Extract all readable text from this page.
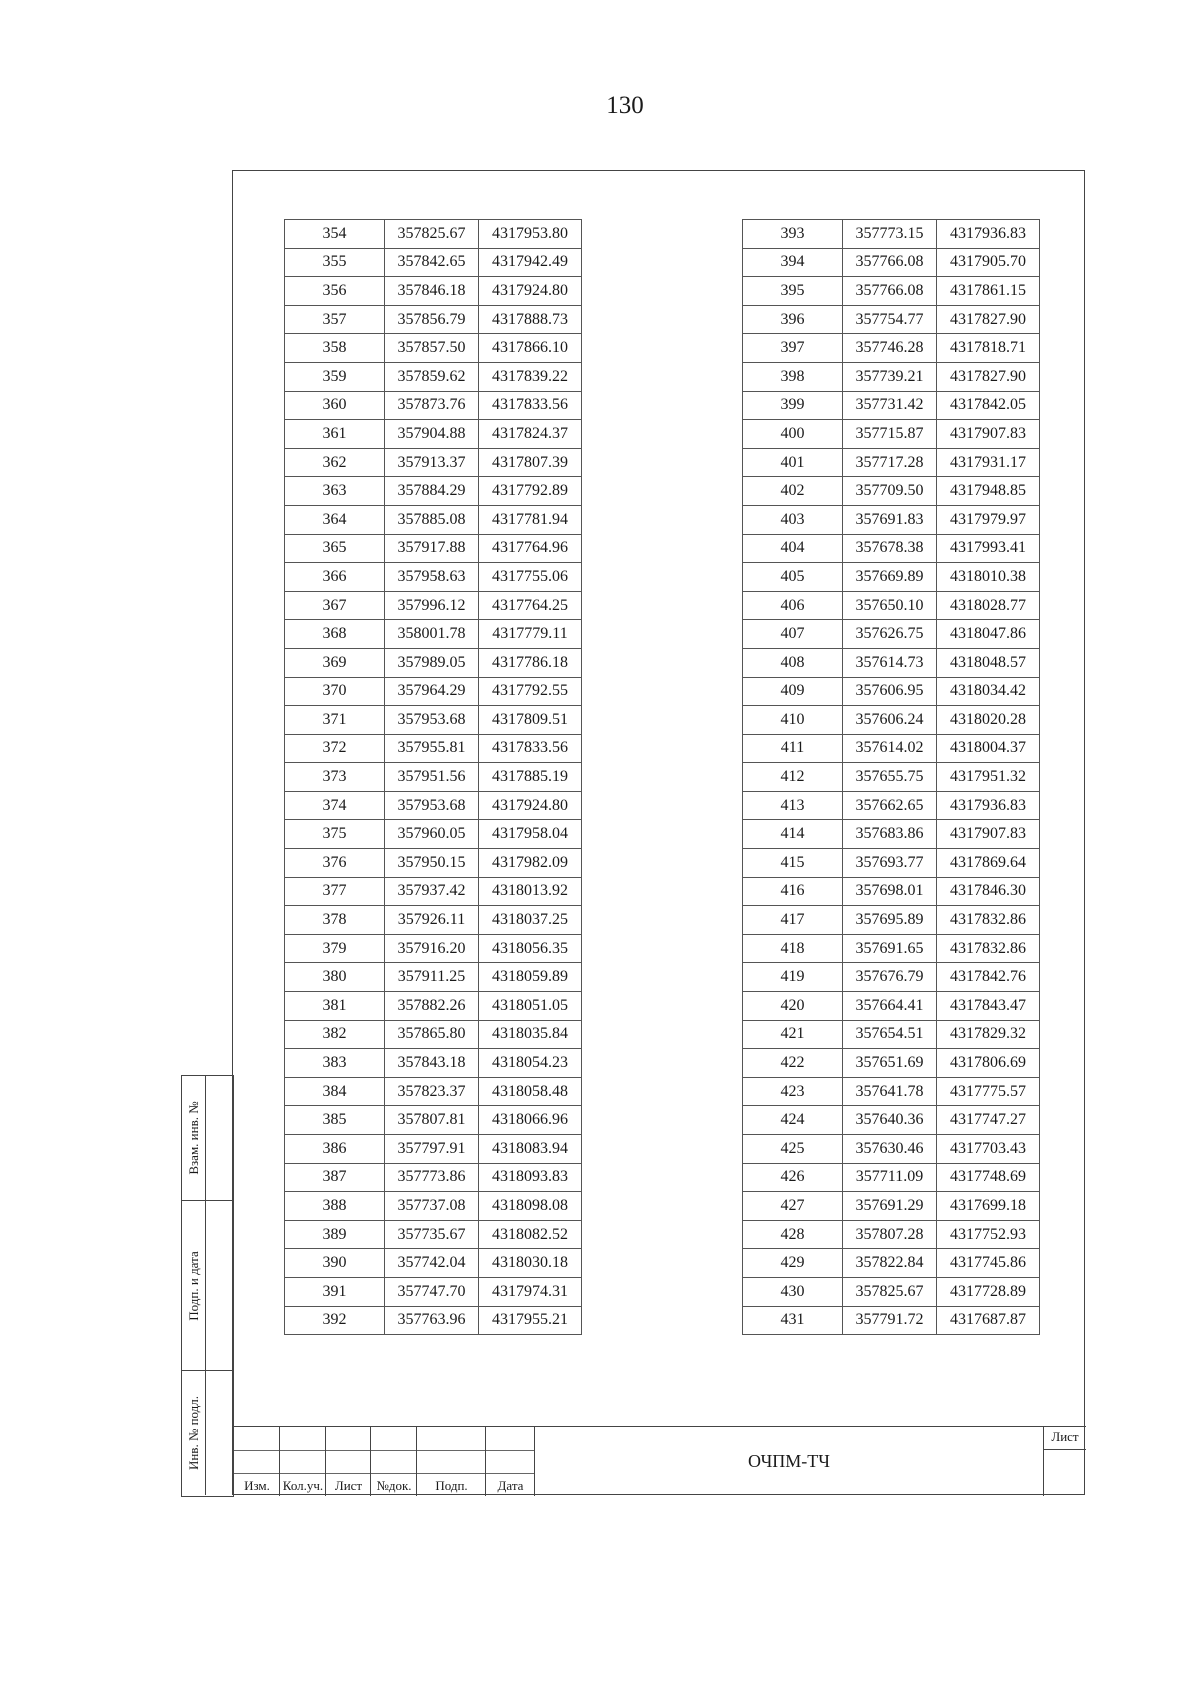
130
354	357825.67	4317953.80
355	357842.65	4317942.49
356	357846.18	4317924.80
357	357856.79	4317888.73
358	357857.50	4317866.10
359	357859.62	4317839.22
360	357873.76	4317833.56
361	357904.88	4317824.37
362	357913.37	4317807.39
363	357884.29	4317792.89
364	357885.08	4317781.94
365	357917.88	4317764.96
366	357958.63	4317755.06
367	357996.12	4317764.25
368	358001.78	4317779.11
369	357989.05	4317786.18
370	357964.29	4317792.55
371	357953.68	4317809.51
372	357955.81	4317833.56
373	357951.56	4317885.19
374	357953.68	4317924.80
375	357960.05	4317958.04
376	357950.15	4317982.09
377	357937.42	4318013.92
378	357926.11	4318037.25
379	357916.20	4318056.35
380	357911.25	4318059.89
381	357882.26	4318051.05
382	357865.80	4318035.84
383	357843.18	4318054.23
384	357823.37	4318058.48
385	357807.81	4318066.96
386	357797.91	4318083.94
387	357773.86	4318093.83
388	357737.08	4318098.08
389	357735.67	4318082.52
390	357742.04	4318030.18
391	357747.70	4317974.31
392	357763.96	4317955.21
393	357773.15	4317936.83
394	357766.08	4317905.70
395	357766.08	4317861.15
396	357754.77	4317827.90
397	357746.28	4317818.71
398	357739.21	4317827.90
399	357731.42	4317842.05
400	357715.87	4317907.83
401	357717.28	4317931.17
402	357709.50	4317948.85
403	357691.83	4317979.97
404	357678.38	4317993.41
405	357669.89	4318010.38
406	357650.10	4318028.77
407	357626.75	4318047.86
408	357614.73	4318048.57
409	357606.95	4318034.42
410	357606.24	4318020.28
411	357614.02	4318004.37
412	357655.75	4317951.32
413	357662.65	4317936.83
414	357683.86	4317907.83
415	357693.77	4317869.64
416	357698.01	4317846.30
417	357695.89	4317832.86
418	357691.65	4317832.86
419	357676.79	4317842.76
420	357664.41	4317843.47
421	357654.51	4317829.32
422	357651.69	4317806.69
423	357641.78	4317775.57
424	357640.36	4317747.27
425	357630.46	4317703.43
426	357711.09	4317748.69
427	357691.29	4317699.18
428	357807.28	4317752.93
429	357822.84	4317745.86
430	357825.67	4317728.89
431	357791.72	4317687.87
Взам. инв. №
Подп. и дата
Инв. № подл.
Изм. Кол.уч. Лист	№док.	Подп.	Дата
ОЧПМ-ТЧ
Лист
